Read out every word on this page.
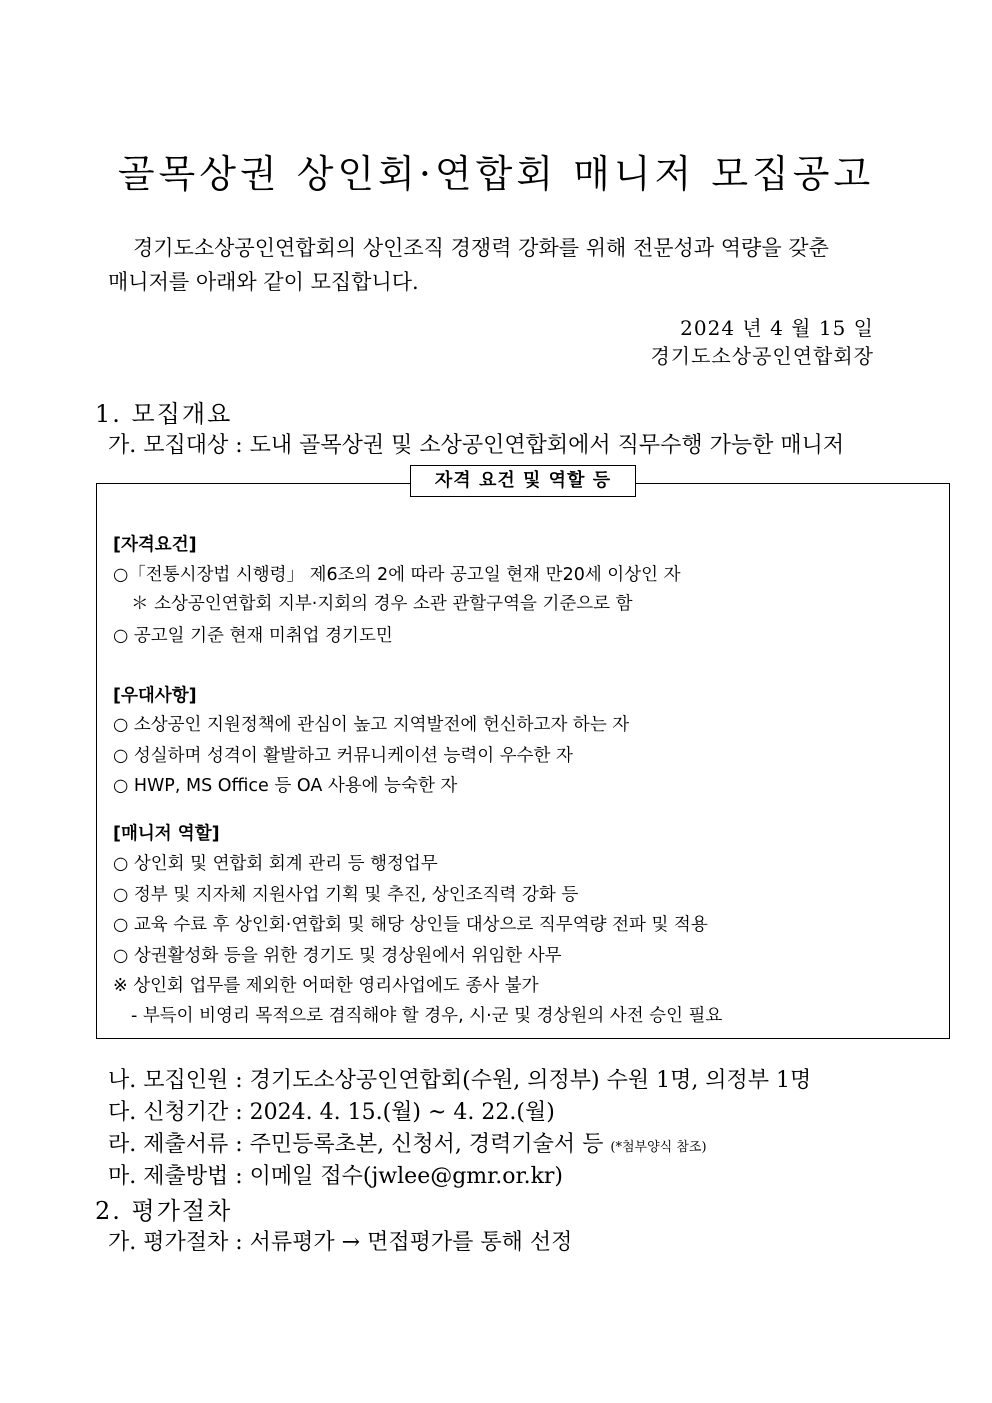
골목상권 상인회·연합회 매니저 모집공고
경기도소상공인연합회의 상인조직 경쟁력 강화를 위해 전문성과 역량을 갖춘
매니저를 아래와 같이 모집합니다.
2024 년 4 월 15 일
경기도소상공인연합회장
1. 모집개요
가. 모집대상 : 도내 골목상권 및 소상공인연합회에서 직무수행 가능한 매니저
자격 요건 및 역할 등
[자격요건]
○「전통시장법 시행령」 제6조의 2에 따라 공고일 현재 만20세 이상인 자
＊ 소상공인연합회 지부·지회의 경우 소관 관할구역을 기준으로 함
○ 공고일 기준 현재 미취업 경기도민
[우대사항]
○ 소상공인 지원정책에 관심이 높고 지역발전에 헌신하고자 하는 자
○ 성실하며 성격이 활발하고 커뮤니케이션 능력이 우수한 자
○ HWP, MS Office 등 OA 사용에 능숙한 자
[매니저 역할]
○ 상인회 및 연합회 회계 관리 등 행정업무
○ 정부 및 지자체 지원사업 기획 및 추진, 상인조직력 강화 등
○ 교육 수료 후 상인회·연합회 및 해당 상인들 대상으로 직무역량 전파 및 적용
○ 상권활성화 등을 위한 경기도 및 경상원에서 위임한 사무
※ 상인회 업무를 제외한 어떠한 영리사업에도 종사 불가
- 부득이 비영리 목적으로 겸직해야 할 경우, 시·군 및 경상원의 사전 승인 필요
나. 모집인원 : 경기도소상공인연합회(수원, 의정부) 수원 1명, 의정부 1명
다. 신청기간 : 2024. 4. 15.(월) ~ 4. 22.(월)
라. 제출서류 : 주민등록초본, 신청서, 경력기술서 등 (*첨부양식 참조)
마. 제출방법 : 이메일 접수(jwlee@gmr.or.kr)
2. 평가절차
가. 평가절차 : 서류평가 → 면접평가를 통해 선정
